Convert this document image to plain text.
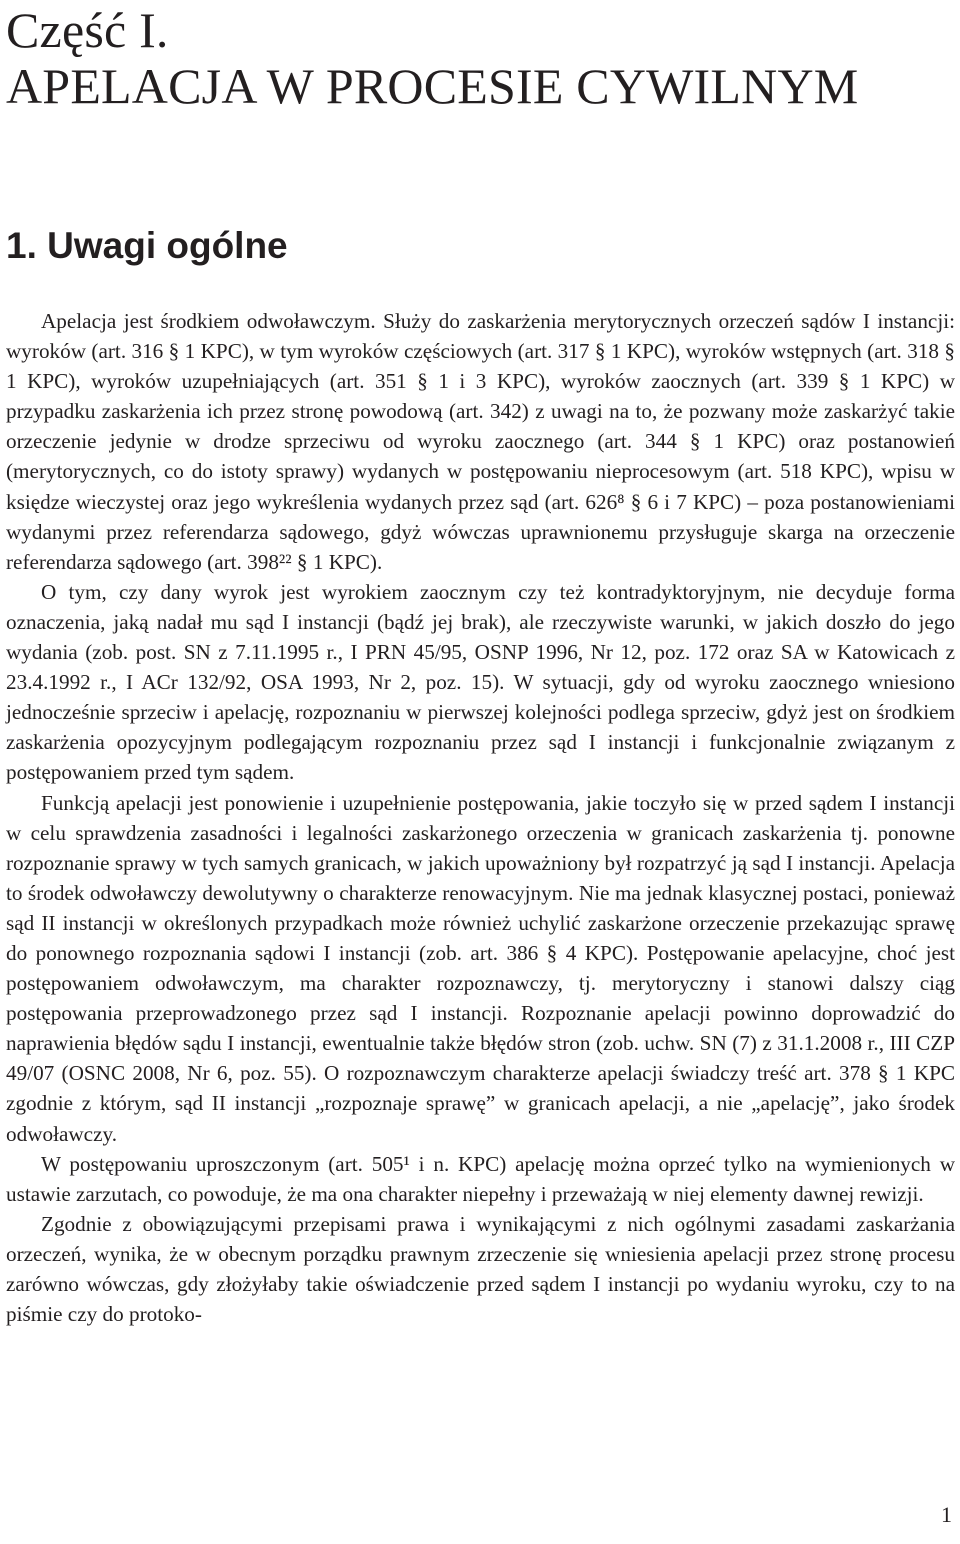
Część I.
APELACJA W PROCESIE CYWILNYM
1. Uwagi ogólne

Apelacja jest środkiem odwoławczym. Służy do zaskarżenia merytorycznych orzeczeń sądów I instancji: wyroków (art. 316 § 1 KPC), w tym wyroków częściowych (art. 317 § 1 KPC), wyroków wstępnych (art. 318 § 1 KPC), wyroków uzupełniających (art. 351 § 1 i 3 KPC), wyroków zaocznych (art. 339 § 1 KPC) w przypadku zaskarżenia ich przez stronę powodową (art. 342) z uwagi na to, że pozwany może zaskarżyć takie orzeczenie jedynie w drodze sprzeciwu od wyroku zaocznego (art. 344 § 1 KPC) oraz postanowień (merytorycznych, co do istoty sprawy) wydanych w postępowaniu nieprocesowym (art. 518 KPC), wpisu w księdze wieczystej oraz jego wykreślenia wydanych przez sąd (art. 626⁸ § 6 i 7 KPC) – poza postanowieniami wydanymi przez referendarza sądowego, gdyż wówczas uprawnionemu przysługuje skarga na orzeczenie referendarza sądowego (art. 398²² § 1 KPC).

O tym, czy dany wyrok jest wyrokiem zaocznym czy też kontradyktoryjnym, nie decyduje forma oznaczenia, jaką nadał mu sąd I instancji (bądź jej brak), ale rzeczywiste warunki, w jakich doszło do jego wydania (zob. post. SN z 7.11.1995 r., I PRN 45/95, OSNP 1996, Nr 12, poz. 172 oraz SA w Katowicach z 23.4.1992 r., I ACr 132/92, OSA 1993, Nr 2, poz. 15). W sytuacji, gdy od wyroku zaocznego wniesiono jednocześnie sprzeciw i apelację, rozpoznaniu w pierwszej kolejności podlega sprzeciw, gdyż jest on środkiem zaskarżenia opozycyjnym podlegającym rozpoznaniu przez sąd I instancji i funkcjonalnie związanym z postępowaniem przed tym sądem.

Funkcją apelacji jest ponowienie i uzupełnienie postępowania, jakie toczyło się w przed sądem I instancji w celu sprawdzenia zasadności i legalności zaskarżonego orzeczenia w granicach zaskarżenia tj. ponowne rozpoznanie sprawy w tych samych granicach, w jakich upoważniony był rozpatrzyć ją sąd I instancji. Apelacja to środek odwoławczy dewolutywny o charakterze renowacyjnym. Nie ma jednak klasycznej postaci, ponieważ sąd II instancji w określonych przypadkach może również uchylić zaskarżone orzeczenie przekazując sprawę do ponownego rozpoznania sądowi I instancji (zob. art. 386 § 4 KPC). Postępowanie apelacyjne, choć jest postępowaniem odwoławczym, ma charakter rozpoznawczy, tj. merytoryczny i stanowi dalszy ciąg postępowania przeprowadzonego przez sąd I instancji. Rozpoznanie apelacji powinno doprowadzić do naprawienia błędów sądu I instancji, ewentualnie także błędów stron (zob. uchw. SN (7) z 31.1.2008 r., III CZP 49/07 (OSNC 2008, Nr 6, poz. 55). O rozpoznawczym charakterze apelacji świadczy treść art. 378 § 1 KPC zgodnie z którym, sąd II instancji „rozpoznaje sprawę” w granicach apelacji, a nie „apelację”, jako środek odwoławczy.

W postępowaniu uproszczonym (art. 505¹ i n. KPC) apelację można oprzeć tylko na wymienionych w ustawie zarzutach, co powoduje, że ma ona charakter niepełny i przeważają w niej elementy dawnej rewizji.

Zgodnie z obowiązującymi przepisami prawa i wynikającymi z nich ogólnymi zasadami zaskarżania orzeczeń, wynika, że w obecnym porządku prawnym zrzeczenie się wniesienia apelacji przez stronę procesu zarówno wówczas, gdy złożyłaby takie oświadczenie przed sądem I instancji po wydaniu wyroku, czy to na piśmie czy do protoko-

1
